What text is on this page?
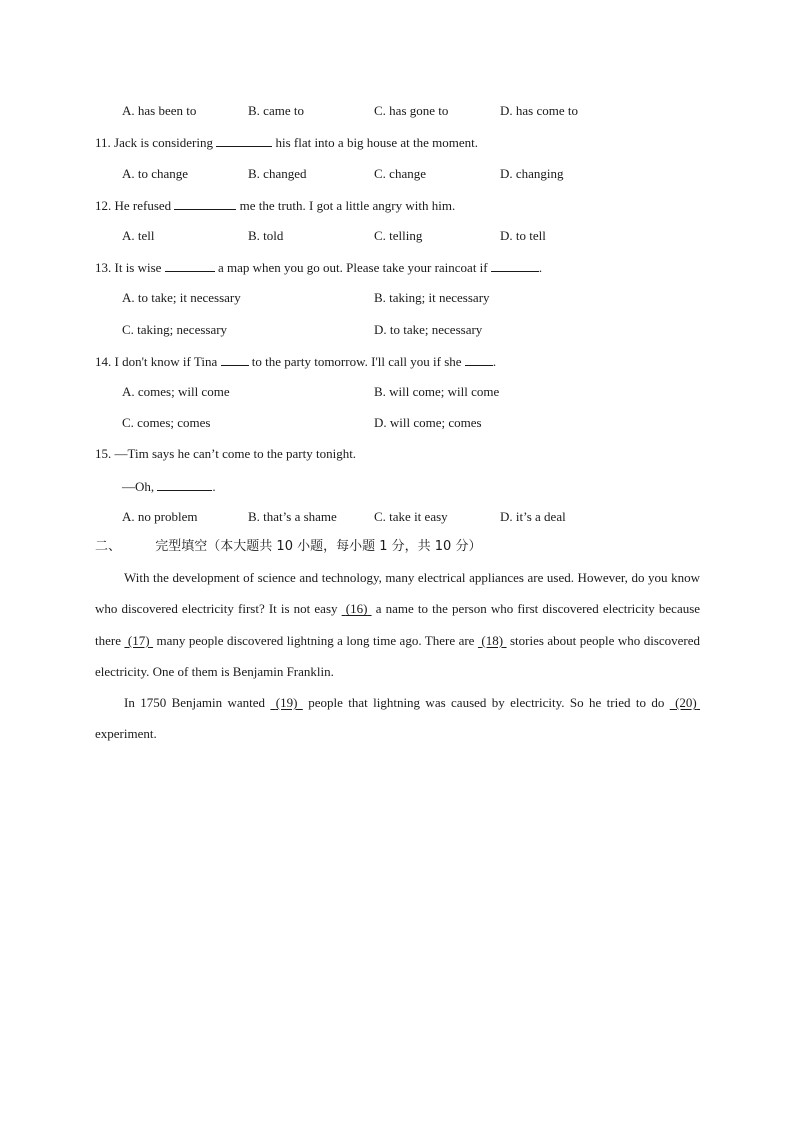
A. has been to	B. came to	C. has gone to	D. has come to
11. Jack is considering	his flat into a big house at the moment.
A. to change	B. changed	C. change	D. changing
12. He refused	me the truth. I got a little angry with him.
A. tell	B. told	C. telling	D. to tell
13. It is wise	a map when you go out. Please take your raincoat if	.
A. to take; it necessary	B. taking; it necessary
C. taking; necessary	D. to take; necessary
14. I don't know if Tina	to the party tomorrow. I'll call you if she .
A. comes; will come	B. will come; will come
C. comes; comes	D. will come; comes
15. —Tim says he can’t come to the party tonight.
—Oh,	.
A. no problem	B. that’s a shame	C. take it easy	D. it’s a deal
二、	完型填空（本大题共 10 小题，每小题 1 分，共 10 分）
With the development of science and technology, many electrical appliances are used. However, do you know who discovered electricity first? It is not easy (16) a name to the person who first discovered electricity because there (17) many people discovered lightning a long time ago. There are (18) stories about people who discovered electricity. One of them is Benjamin Franklin.
In 1750 Benjamin wanted (19) people that lightning was caused by electricity. So he tried to do (20)  experiment.
